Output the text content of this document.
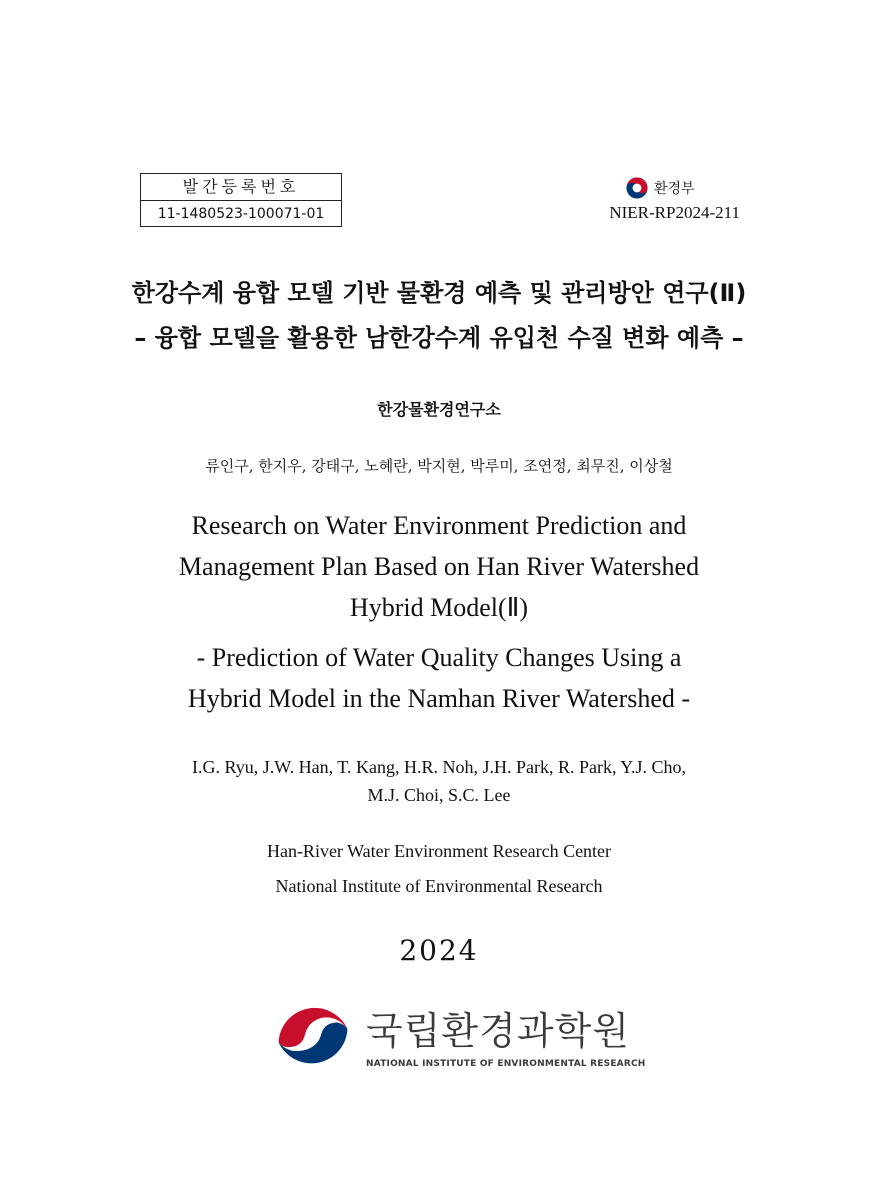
발간등록번호
11-1480523-100071-01
환경부
NIER-RP2024-211
한강수계 융합 모델 기반 물환경 예측 및 관리방안 연구(Ⅱ)
– 융합 모델을 활용한 남한강수계 유입천 수질 변화 예측 –
한강물환경연구소
류인구, 한지우, 강태구, 노혜란, 박지현, 박루미, 조연정, 최무진, 이상철
Research on Water Environment Prediction and
Management Plan Based on Han River Watershed
Hybrid Model(Ⅱ)
- Prediction of Water Quality Changes Using a
Hybrid Model in the Namhan River Watershed -
I.G. Ryu, J.W. Han, T. Kang, H.R. Noh, J.H. Park, R. Park, Y.J. Cho,
M.J. Choi, S.C. Lee
Han-River Water Environment Research Center
National Institute of Environmental Research
2024
국립환경과학원
NATIONAL INSTITUTE OF ENVIRONMENTAL RESEARCH
